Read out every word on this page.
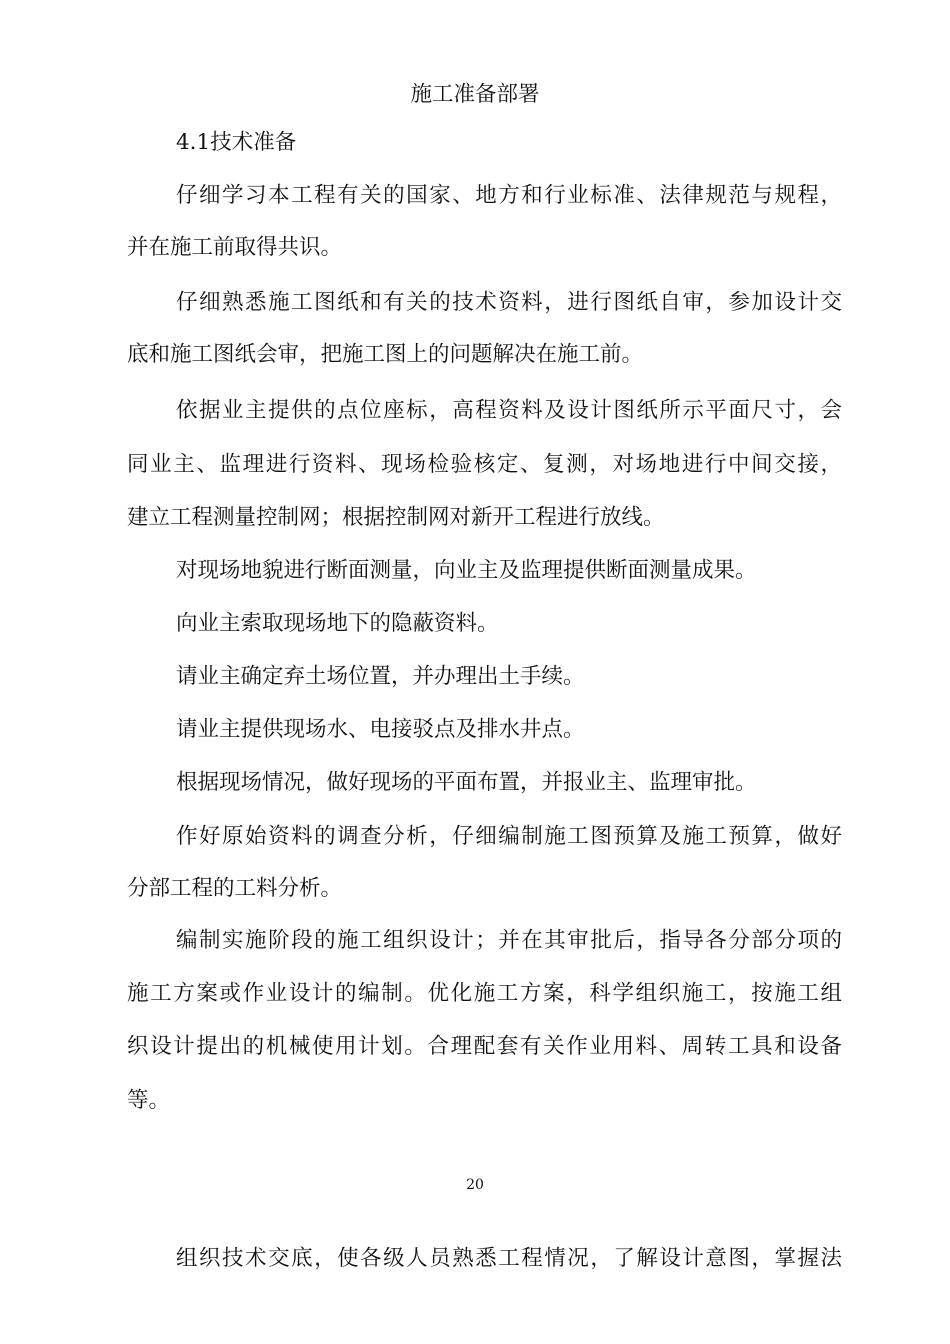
施工准备部署
4.1技术准备
仔细学习本工程有关的国家、地方和行业标准、法律规范与规程，
并在施工前取得共识。
仔细熟悉施工图纸和有关的技术资料，进行图纸自审，参加设计交
底和施工图纸会审，把施工图上的问题解决在施工前。
依据业主提供的点位座标，高程资料及设计图纸所示平面尺寸，会
同业主、监理进行资料、现场检验核定、复测，对场地进行中间交接，
建立工程测量控制网；根据控制网对新开工程进行放线。
对现场地貌进行断面测量，向业主及监理提供断面测量成果。
向业主索取现场地下的隐蔽资料。
请业主确定弃土场位置，并办理出土手续。
请业主提供现场水、电接驳点及排水井点。
根据现场情况，做好现场的平面布置，并报业主、监理审批。
作好原始资料的调查分析，仔细编制施工图预算及施工预算，做好
分部工程的工料分析。
编制实施阶段的施工组织设计；并在其审批后，指导各分部分项的
施工方案或作业设计的编制。优化施工方案，科学组织施工，按施工组
织设计提出的机械使用计划。合理配套有关作业用料、周转工具和设备
等。
20
组织技术交底，使各级人员熟悉工程情况，了解设计意图，掌握法
